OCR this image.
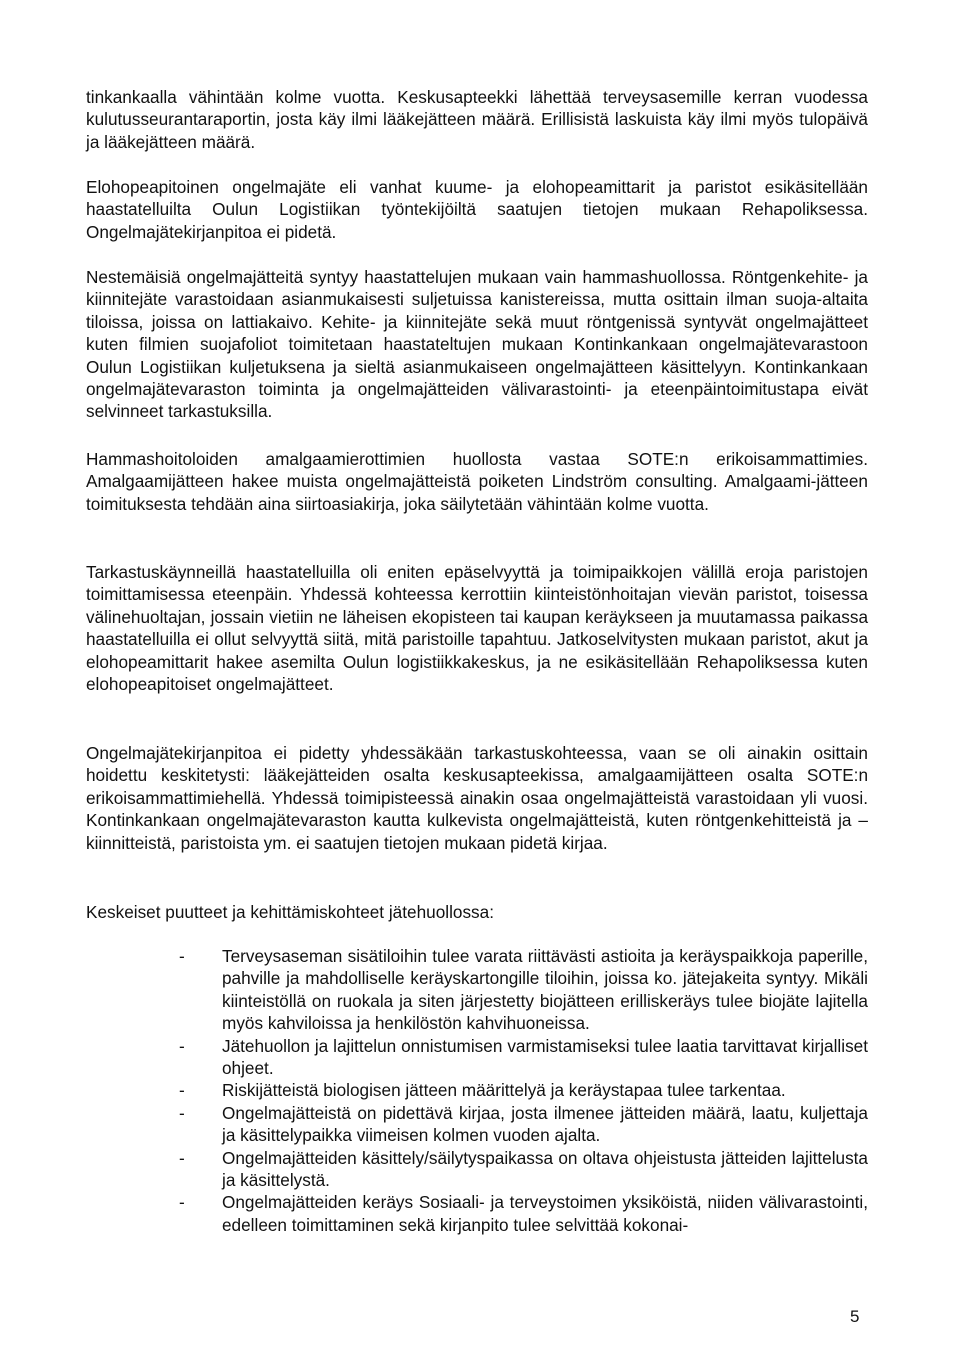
tinkankaalla vähintään kolme vuotta. Keskusapteekki lähettää terveysasemille kerran vuodessa kulutusseurantaraportin, josta käy ilmi lääkejätteen määrä. Erillisistä laskuista käy ilmi myös tulopäivä ja lääkejätteen määrä.

Elohopeapitoinen ongelmajäte eli vanhat kuume- ja elohopeamittarit ja paristot esikäsitellään haastatelluilta Oulun Logistiikan työntekijöiltä saatujen tietojen mukaan Rehapoliksessa. Ongelmajätekirjanpitoa ei pidetä.

Nestemäisiä ongelmajätteitä syntyy haastattelujen mukaan vain hammashuollossa. Röntgenkehite- ja kiinnitejäte varastoidaan asianmukaisesti suljetuissa kanistereissa, mutta osittain ilman suoja-altaita tiloissa, joissa on lattiakaivo. Kehite- ja kiinnitejäte sekä muut röntgenissä syntyvät ongelmajätteet kuten filmien suojafoliot toimitetaan haastateltujen mukaan Kontinkankaan ongelmajätevarastoon Oulun Logistiikan kuljetuksena ja sieltä asianmukaiseen ongelmajätteen käsittelyyn. Kontinkankaan ongelmajätevaraston toiminta ja ongelmajätteiden välivarastointi- ja eteenpäintoimitustapa eivät selvinneet tarkastuksilla.

Hammashoitoloiden amalgaamierottimien huollosta vastaa SOTE:n erikoisammattimies. Amalgaamijätteen hakee muista ongelmajätteistä poiketen Lindström consulting. Amalgaami-jätteen toimituksesta tehdään aina siirtoasiakirja, joka säilytetään vähintään kolme vuotta.

Tarkastuskäynneillä haastatelluilla oli eniten epäselvyyttä ja toimipaikkojen välillä eroja paristojen toimittamisessa eteenpäin. Yhdessä kohteessa kerrottiin kiinteistönhoitajan vievän paristot, toisessa välinehuoltajan, jossain vietiin ne läheisen ekopisteen tai kaupan keräykseen ja muutamassa paikassa haastatelluilla ei ollut selvyyttä siitä, mitä paristoille tapahtuu. Jatkoselvitysten mukaan paristot, akut ja elohopeamittarit hakee asemilta Oulun logistiikkakeskus, ja ne esikäsitellään Rehapoliksessa kuten elohopeapitoiset ongelmajätteet.

Ongelmajätekirjanpitoa ei pidetty yhdessäkään tarkastuskohteessa, vaan se oli ainakin osittain hoidettu keskitetysti: lääkejätteiden osalta keskusapteekissa, amalgaamijätteen osalta SOTE:n erikoisammattimiehellä. Yhdessä toimipisteessä ainakin osaa ongelmajätteistä varastoidaan yli vuosi. Kontinkankaan ongelmajätevaraston kautta kulkevista ongelmajätteistä, kuten röntgenkehitteistä ja –kiinnitteistä, paristoista ym. ei saatujen tietojen mukaan pidetä kirjaa.

Keskeiset puutteet ja kehittämiskohteet jätehuollossa:

- Terveysaseman sisätiloihin tulee varata riittävästi astioita ja keräyspaikkoja paperille, pahville ja mahdolliselle keräyskartongille tiloihin, joissa ko. jätejakeita syntyy. Mikäli kiinteistöllä on ruokala ja siten järjestetty biojätteen erilliskeräys tulee biojäte lajitella myös kahviloissa ja henkilöstön kahvihuoneissa.
- Jätehuollon ja lajittelun onnistumisen varmistamiseksi tulee laatia tarvittavat kirjalliset ohjeet.
- Riskijätteistä biologisen jätteen määrittelyä ja keräystapaa tulee tarkentaa.
- Ongelmajätteistä on pidettävä kirjaa, josta ilmenee jätteiden määrä, laatu, kuljettaja ja käsittelypaikka viimeisen kolmen vuoden ajalta.
- Ongelmajätteiden käsittely/säilytyspaikassa on oltava ohjeistusta jätteiden lajittelusta ja käsittelystä.
- Ongelmajätteiden keräys Sosiaali- ja terveystoimen yksiköistä, niiden välivarastointi, edelleen toimittaminen sekä kirjanpito tulee selvittää kokonai-
5
